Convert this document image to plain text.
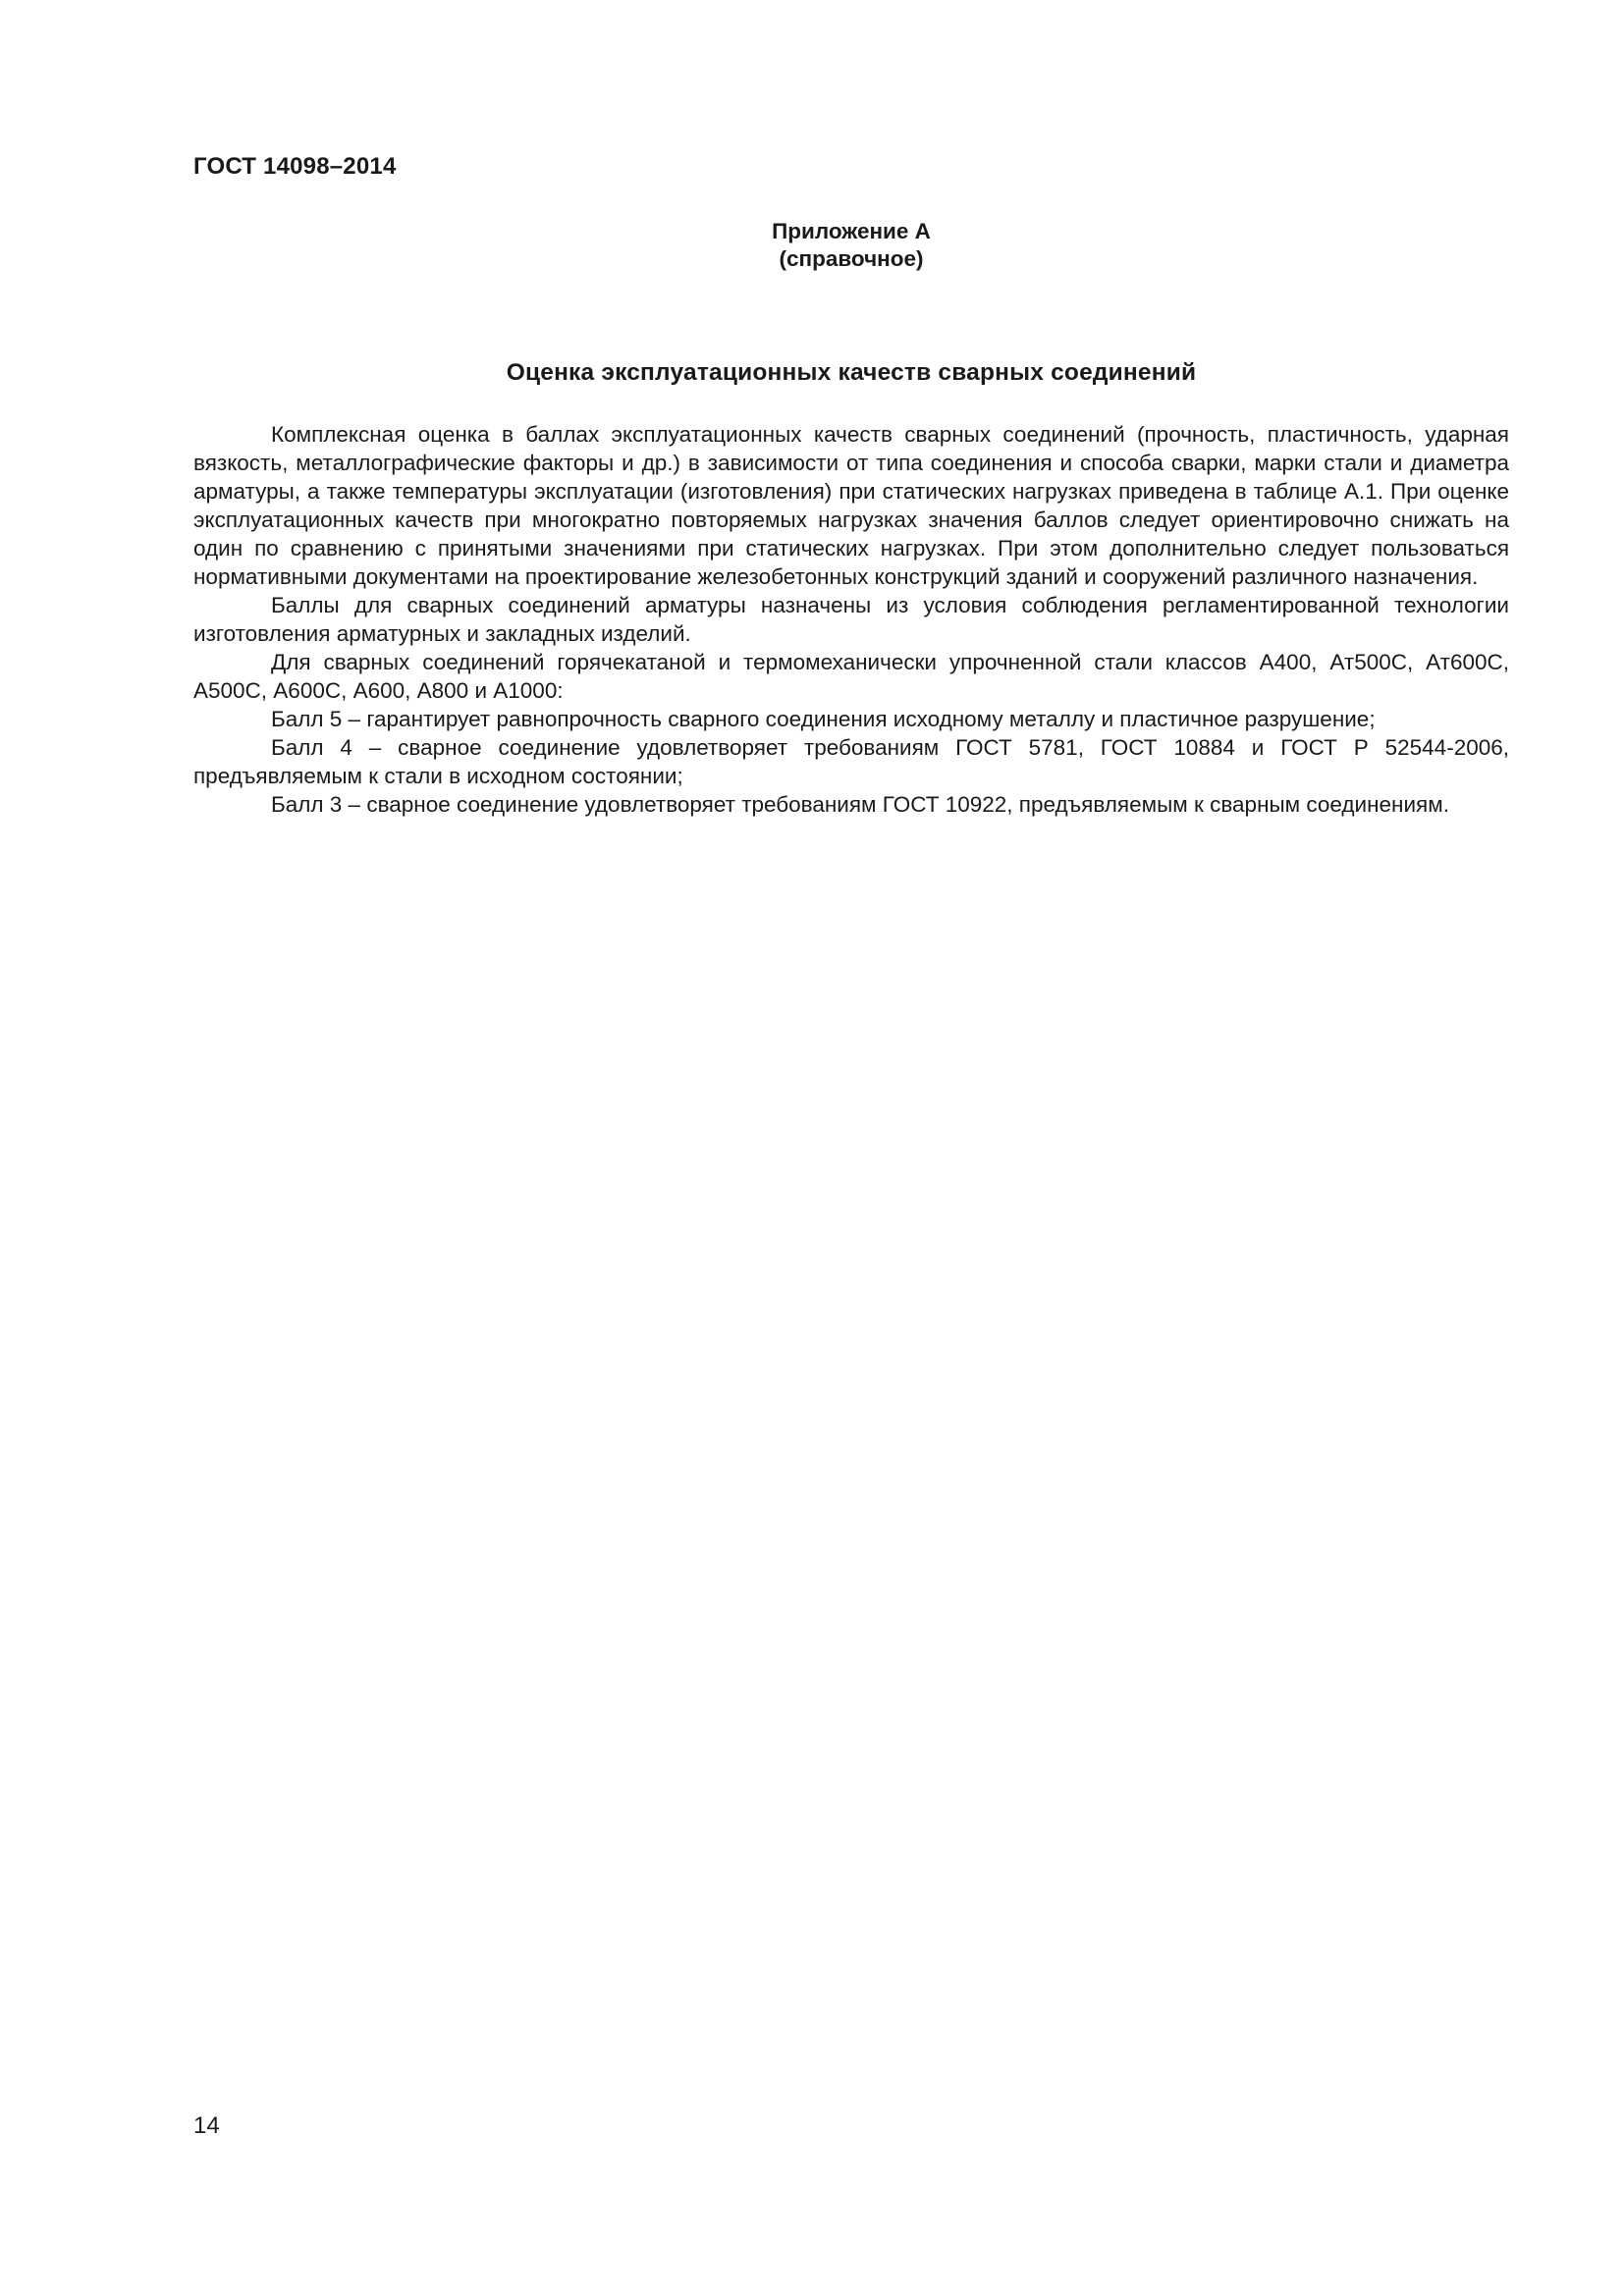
ГОСТ 14098–2014
Приложение А
(справочное)
Оценка эксплуатационных качеств сварных соединений

Комплексная оценка в баллах эксплуатационных качеств сварных соединений (прочность, пластичность, ударная вязкость, металлографические факторы и др.) в зависимости от типа соединения и способа сварки, марки стали и диаметра арматуры, а также температуры эксплуатации (изготовления) при статических нагрузках приведена в таблице А.1. При оценке эксплуатационных качеств при многократно повторяемых нагрузках значения баллов следует ориентировочно снижать на один по сравнению с принятыми значениями при статических нагрузках. При этом дополнительно следует пользоваться нормативными документами на проектирование железобетонных конструкций зданий и сооружений различного назначения.

Баллы для сварных соединений арматуры назначены из условия соблюдения регламентированной технологии изготовления арматурных и закладных изделий.

Для сварных соединений горячекатаной и термомеханически упрочненной стали классов А400, Ат500С, Ат600С, А500С, А600С, А600, А800 и А1000:

Балл 5 – гарантирует равнопрочность сварного соединения исходному металлу и пластичное разрушение;

Балл 4 – сварное соединение удовлетворяет требованиям ГОСТ 5781, ГОСТ 10884 и ГОСТ Р 52544-2006, предъявляемым к стали в исходном состоянии;

Балл 3 – сварное соединение удовлетворяет требованиям ГОСТ 10922, предъявляемым к сварным соединениям.

14
